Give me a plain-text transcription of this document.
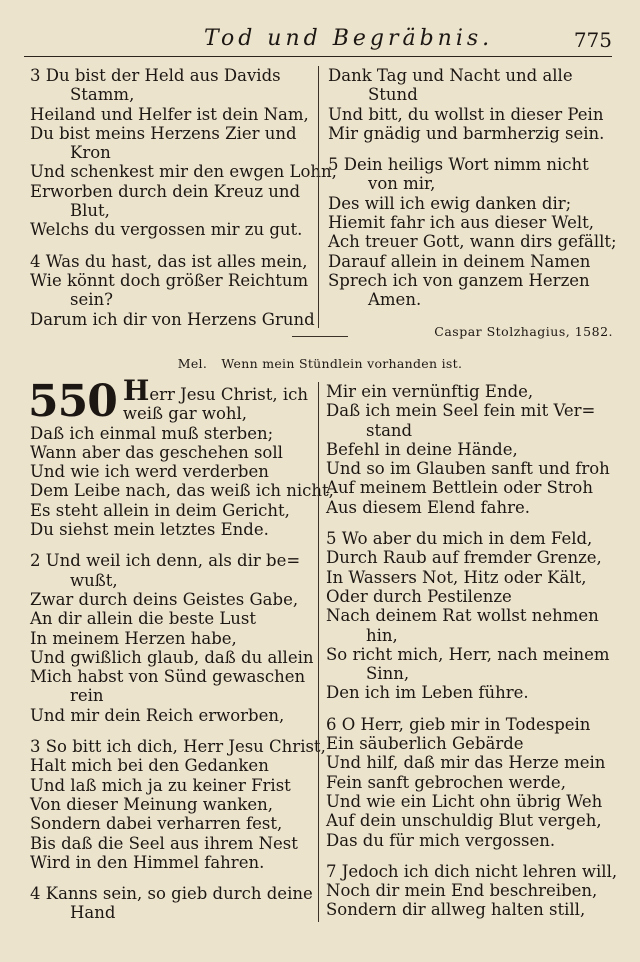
Tod und Begräbnis.	775
3 Du bist der Held aus Davids
Stamm,
Heiland und Helfer ist dein Nam,
Du bist meins Herzens Zier und
Kron
Und schenkest mir den ewgen Lohn,
Erworben durch dein Kreuz und
Blut,
Welchs du vergossen mir zu gut.
4 Was du hast, das ist alles mein,
Wie könnt doch größer Reichtum
sein?
Darum ich dir von Herzens Grund
Dank Tag und Nacht und alle
Stund
Und bitt, du wollst in dieser Pein
Mir gnädig und barmherzig sein.
5 Dein heiligs Wort nimm nicht
von mir,
Des will ich ewig danken dir;
Hiemit fahr ich aus dieser Welt,
Ach treuer Gott, wann dirs gefällt;
Darauf allein in deinem Namen
Sprech ich von ganzem Herzen
Amen.
Caspar Stolzhagius, 1582.
Mel. Wenn mein Stündlein vorhanden ist.
550 Herr Jesu Christ, ich
weiß gar wohl,
Daß ich einmal muß sterben;
Wann aber das geschehen soll
Und wie ich werd verderben
Dem Leibe nach, das weiß ich nicht,
Es steht allein in deim Gericht,
Du siehst mein letztes Ende.
2 Und weil ich denn, als dir be=
wußt,
Zwar durch deins Geistes Gabe,
An dir allein die beste Lust
In meinem Herzen habe,
Und gwißlich glaub, daß du allein
Mich habst von Sünd gewaschen
rein
Und mir dein Reich erworben,
3 So bitt ich dich, Herr Jesu Christ,
Halt mich bei den Gedanken
Und laß mich ja zu keiner Frist
Von dieser Meinung wanken,
Sondern dabei verharren fest,
Bis daß die Seel aus ihrem Nest
Wird in den Himmel fahren.
4 Kanns sein, so gieb durch deine
Hand
Mir ein vernünftig Ende,
Daß ich mein Seel fein mit Ver=
stand
Befehl in deine Hände,
Und so im Glauben sanft und froh
Auf meinem Bettlein oder Stroh
Aus diesem Elend fahre.
5 Wo aber du mich in dem Feld,
Durch Raub auf fremder Grenze,
In Wassers Not, Hitz oder Kält,
Oder durch Pestilenze
Nach deinem Rat wollst nehmen
hin,
So richt mich, Herr, nach meinem
Sinn,
Den ich im Leben führe.
6 O Herr, gieb mir in Todespein
Ein säuberlich Gebärde
Und hilf, daß mir das Herze mein
Fein sanft gebrochen werde,
Und wie ein Licht ohn übrig Weh
Auf dein unschuldig Blut vergeh,
Das du für mich vergossen.
7 Jedoch ich dich nicht lehren will,
Noch dir mein End beschreiben,
Sondern dir allweg halten still,
